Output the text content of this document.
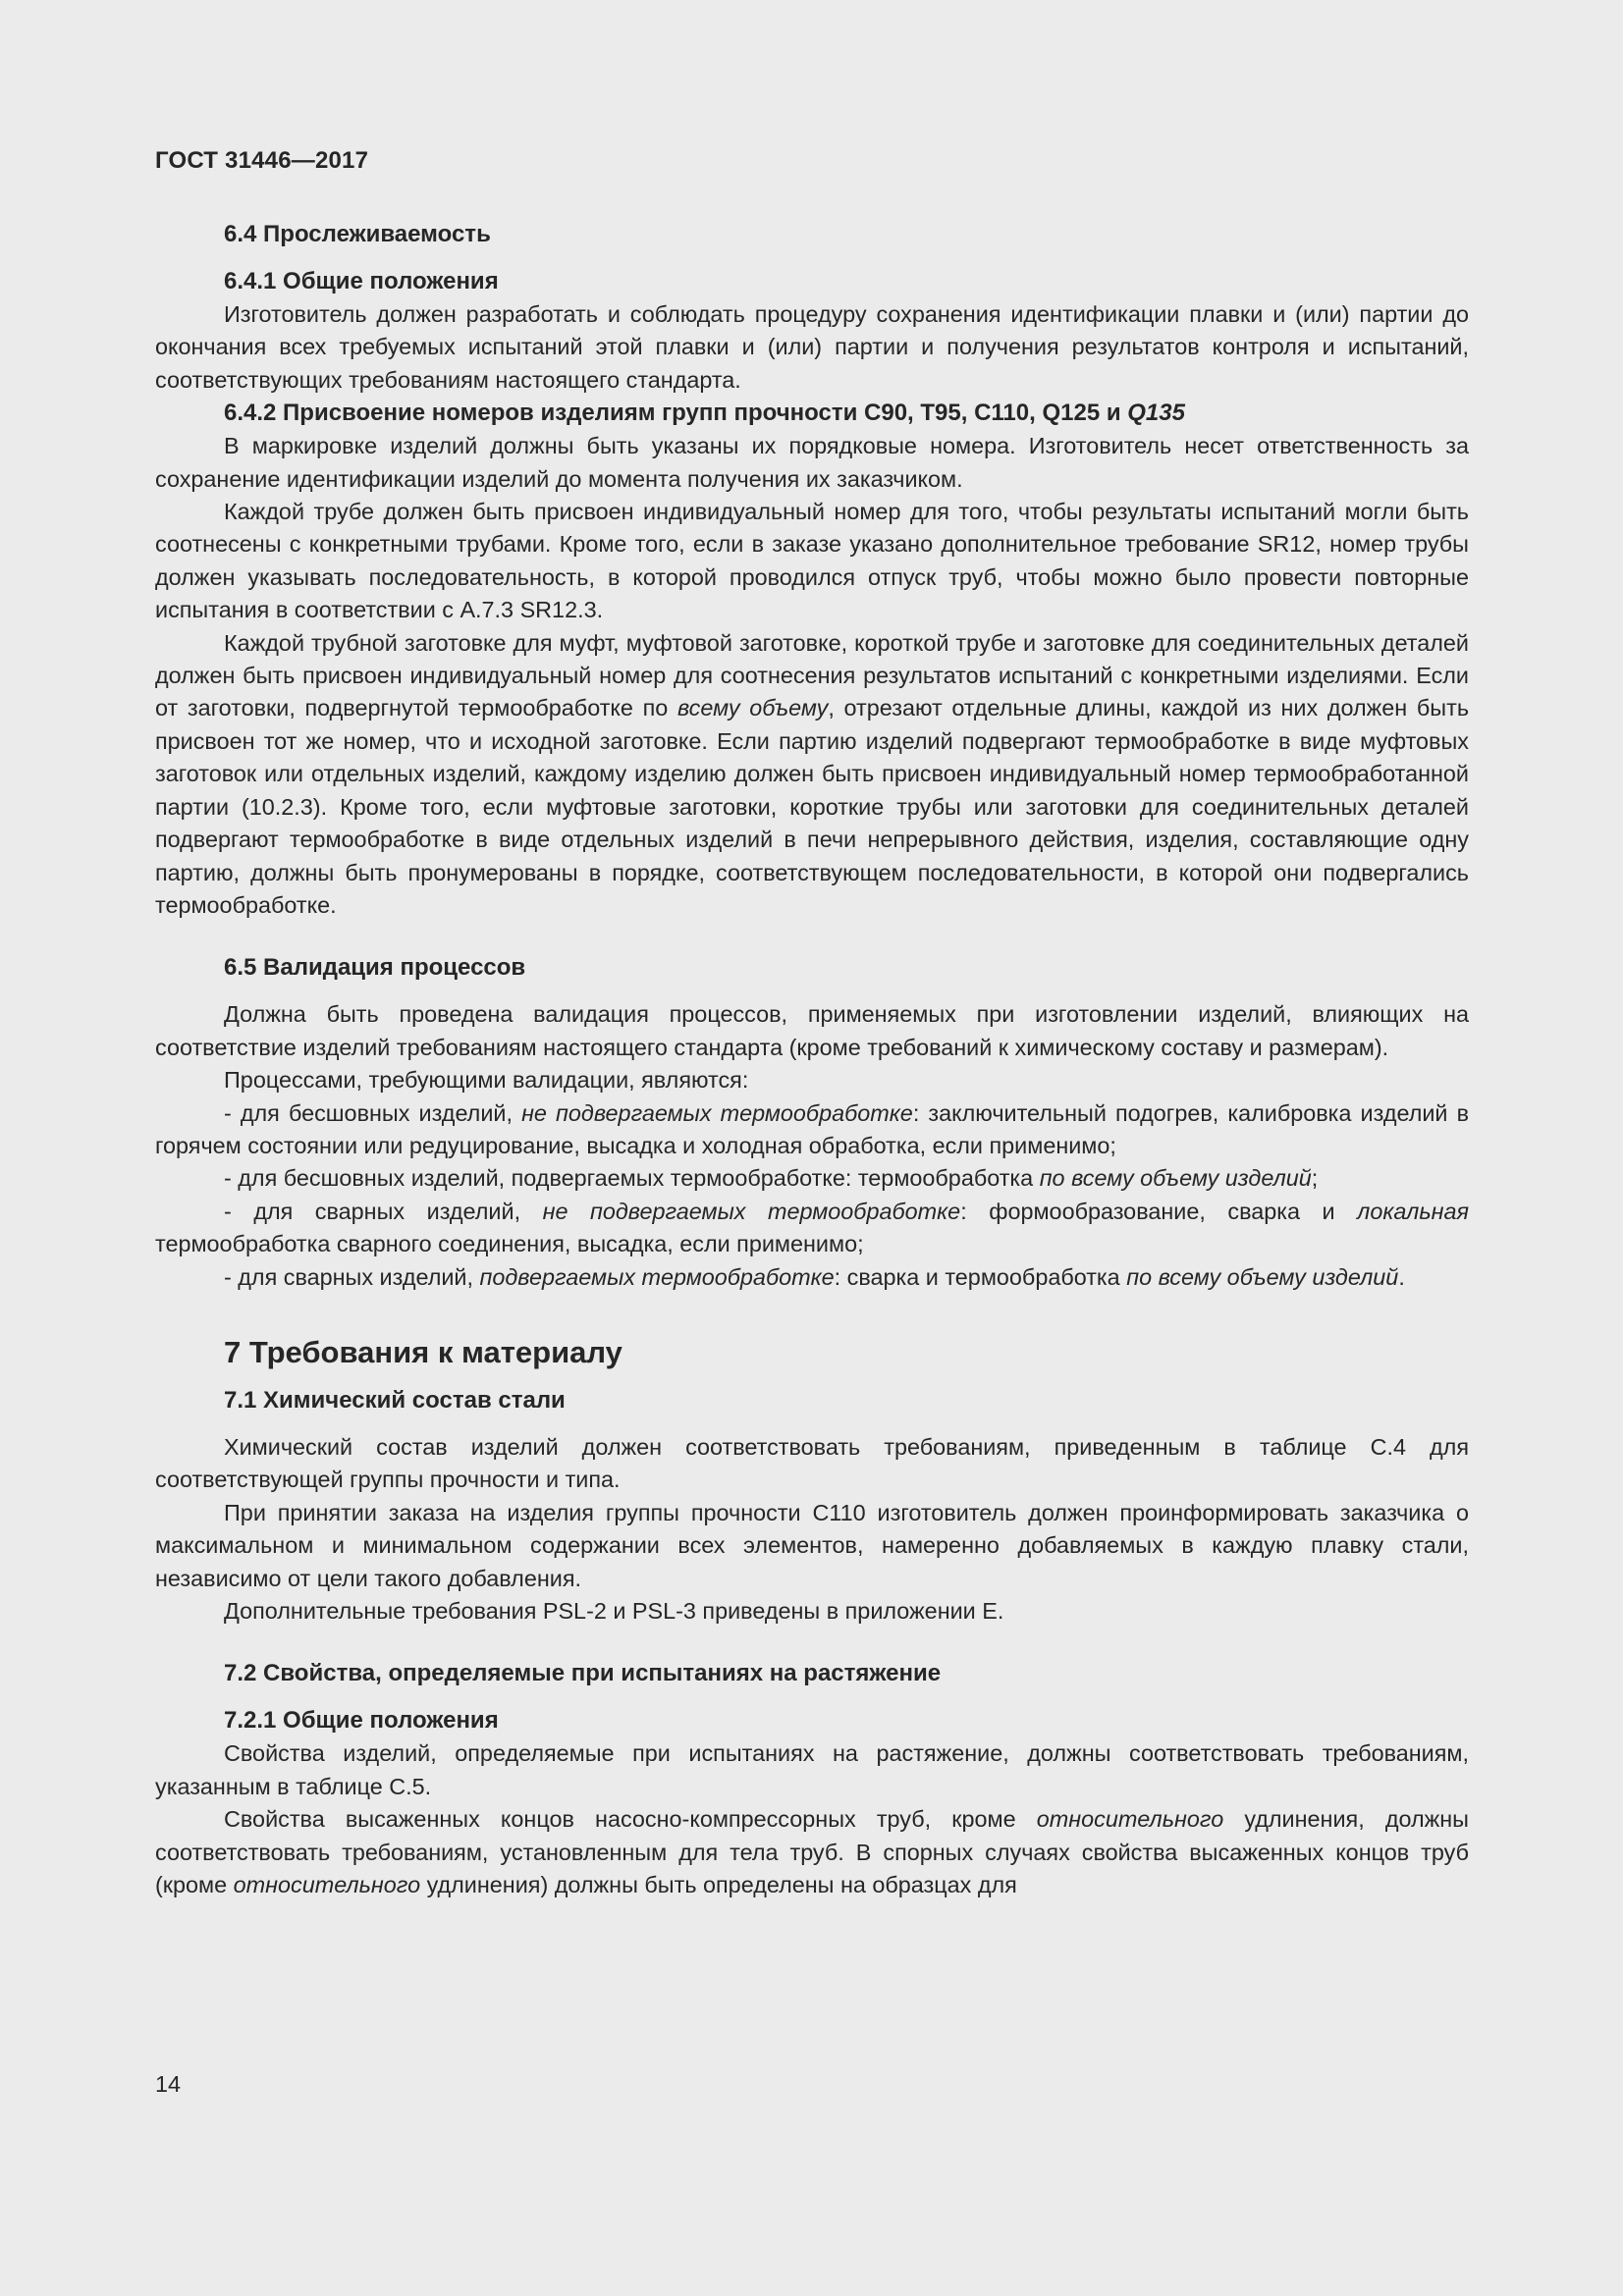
ГОСТ 31446—2017
6.4 Прослеживаемость
6.4.1 Общие положения

Изготовитель должен разработать и соблюдать процедуру сохранения идентификации плавки и (или) партии до окончания всех требуемых испытаний этой плавки и (или) партии и получения результатов контроля и испытаний, соответствующих требованиям настоящего стандарта.

6.4.2 Присвоение номеров изделиям групп прочности С90, Т95, С110, Q125 и Q135

В маркировке изделий должны быть указаны их порядковые номера. Изготовитель несет ответственность за сохранение идентификации изделий до момента получения их заказчиком.

Каждой трубе должен быть присвоен индивидуальный номер для того, чтобы результаты испытаний могли быть соотнесены с конкретными трубами. Кроме того, если в заказе указано дополнительное требование SR12, номер трубы должен указывать последовательность, в которой проводился отпуск труб, чтобы можно было провести повторные испытания в соответствии с А.7.3 SR12.3.

Каждой трубной заготовке для муфт, муфтовой заготовке, короткой трубе и заготовке для соединительных деталей должен быть присвоен индивидуальный номер для соотнесения результатов испытаний с конкретными изделиями. Если от заготовки, подвергнутой термообработке по всему объему, отрезают отдельные длины, каждой из них должен быть присвоен тот же номер, что и исходной заготовке. Если партию изделий подвергают термообработке в виде муфтовых заготовок или отдельных изделий, каждому изделию должен быть присвоен индивидуальный номер термообработанной партии (10.2.3). Кроме того, если муфтовые заготовки, короткие трубы или заготовки для соединительных деталей подвергают термообработке в виде отдельных изделий в печи непрерывного действия, изделия, составляющие одну партию, должны быть пронумерованы в порядке, соответствующем последовательности, в которой они подвергались термообработке.

6.5 Валидация процессов

Должна быть проведена валидация процессов, применяемых при изготовлении изделий, влияющих на соответствие изделий требованиям настоящего стандарта (кроме требований к химическому составу и размерам).

Процессами, требующими валидации, являются:

- для бесшовных изделий, не подвергаемых термообработке: заключительный подогрев, калибровка изделий в горячем состоянии или редуцирование, высадка и холодная обработка, если применимо;

- для бесшовных изделий, подвергаемых термообработке: термообработка по всему объему изделий;

- для сварных изделий, не подвергаемых термообработке: формообразование, сварка и локальная термообработка сварного соединения, высадка, если применимо;

- для сварных изделий, подвергаемых термообработке: сварка и термообработка по всему объему изделий.

7 Требования к материалу
7.1 Химический состав стали

Химический состав изделий должен соответствовать требованиям, приведенным в таблице С.4 для соответствующей группы прочности и типа.

При принятии заказа на изделия группы прочности С110 изготовитель должен проинформировать заказчика о максимальном и минимальном содержании всех элементов, намеренно добавляемых в каждую плавку стали, независимо от цели такого добавления.

Дополнительные требования PSL-2 и PSL-3 приведены в приложении Е.

7.2 Свойства, определяемые при испытаниях на растяжение
7.2.1 Общие положения

Свойства изделий, определяемые при испытаниях на растяжение, должны соответствовать требованиям, указанным в таблице С.5.

Свойства высаженных концов насосно-компрессорных труб, кроме относительного удлинения, должны соответствовать требованиям, установленным для тела труб. В спорных случаях свойства высаженных концов труб (кроме относительного удлинения) должны быть определены на образцах для

14
